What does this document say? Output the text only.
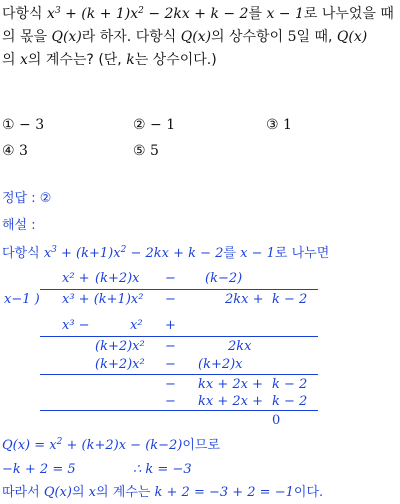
다항식 $x^3 + (k + 1)x^2 - 2kx + k - 2$를 x − 1로 나누었을 때
의 몫을 Q(x)라 하자. 다항식 Q(x)의 상수항이 5일 때, Q(x)
의 x의 계수는? (단, k는 상수이다.)
① − 3	② − 1	③ 1
④ 3	⑤ 5
정답 : ②
해설 :
다항식 $x^3 + (k+1)x^2 - 2kx + k - 2$를 x − 1로 나누면
x² + (k+2)x − (k−2)
x−1 ) x³ + (k+1)x² −	2kx + k − 2
x³ −	x² +
(k+2)x² −	2kx
(k+2)x² − (k+2)x
− kx + 2x + k − 2
− kx + 2x + k − 2
0
$Q(x) = x^2 + (k+2)x - (k-2)$이므로
−k + 2 = 5	∴ k = −3
따라서 Q(x)의 x의 계수는 k + 2 = −3 + 2 = −1이다.
